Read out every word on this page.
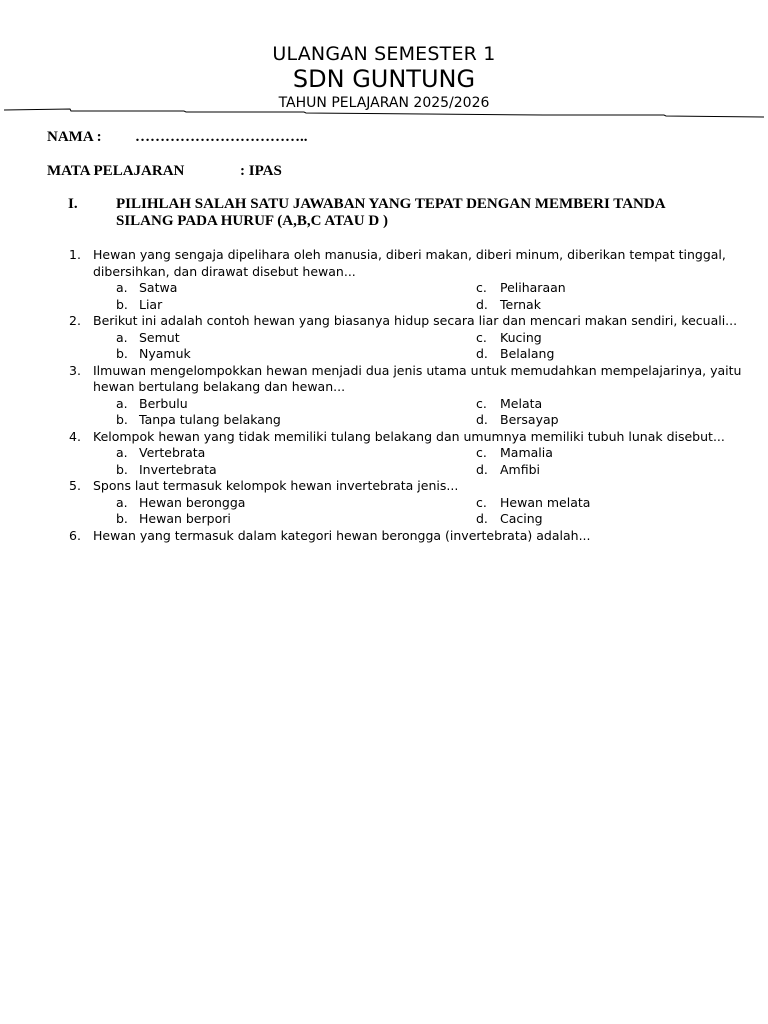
ULANGAN SEMESTER 1
SDN GUNTUNG
TAHUN PELAJARAN 2025/2026
NAMA : ……………………………..
MATA PELAJARAN	: IPAS
I.	PILIHLAH SALAH SATU JAWABAN YANG TEPAT DENGAN MEMBERI TANDA
SILANG PADA HURUF (A,B,C ATAU D )
1. Hewan yang sengaja dipelihara oleh manusia, diberi makan, diberi minum, diberikan tempat tinggal,
dibersihkan, dan dirawat disebut hewan...
a. Satwa	c. Peliharaan
b. Liar	d. Ternak
2. Berikut ini adalah contoh hewan yang biasanya hidup secara liar dan mencari makan sendiri, kecuali...
a. Semut	c. Kucing
b. Nyamuk	d. Belalang
3. Ilmuwan mengelompokkan hewan menjadi dua jenis utama untuk memudahkan mempelajarinya, yaitu
hewan bertulang belakang dan hewan...
a. Berbulu	c. Melata
b. Tanpa tulang belakang	d. Bersayap
4. Kelompok hewan yang tidak memiliki tulang belakang dan umumnya memiliki tubuh lunak disebut...
a. Vertebrata	c. Mamalia
b. Invertebrata	d. Amfibi
5. Spons laut termasuk kelompok hewan invertebrata jenis...
a. Hewan berongga	c. Hewan melata
b. Hewan berpori	d. Cacing
6. Hewan yang termasuk dalam kategori hewan berongga (invertebrata) adalah...
